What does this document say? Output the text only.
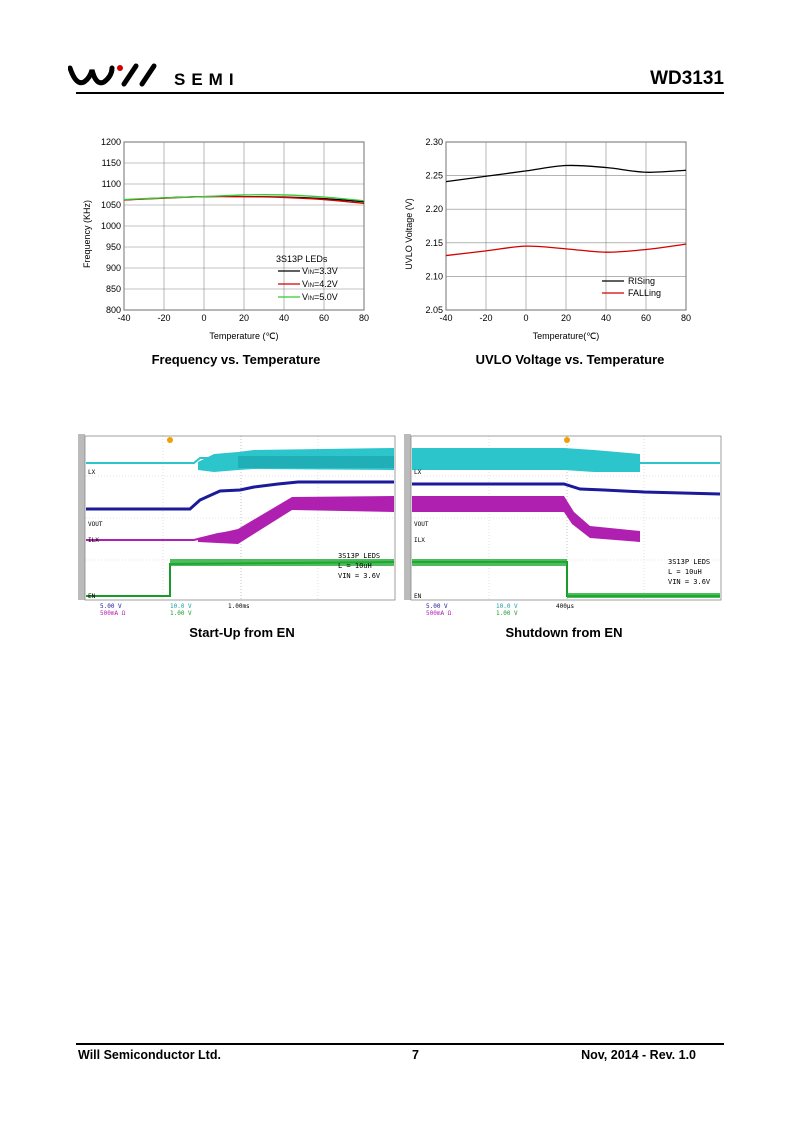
SEMI	WD3131
-40	-20	0	20	40	60	80
800
850
900
950
1000
1050
1100
1150
1200
Temperature (℃)
Frequency (KHz)	3S13P LEDs
VIN=3.3V
VIN=4.2V
VIN=5.0V
-40	-20	0	20	40	60	80
2.05
2.10
2.15
2.20
2.25
2.30
Temperature(℃)
UVLO Voltage (V)
RISing
FALLing
Frequency vs. Temperature	UVLO Voltage vs. Temperature
LX
VOUT
ILX
EN
3S13P LEDS
L = 10uH
VIN = 3.6V
5.00 V	10.0 V
500mA Ω	1.00 V
1.00ms
LX
VOUT
ILX
EN
3S13P LEDS
L = 10uH
VIN = 3.6V
5.00 V	10.0 V
500mA Ω	1.00 V
400µs
Start-Up from EN	Shutdown from EN
Will Semiconductor Ltd.	7	Nov, 2014 - Rev. 1.0
